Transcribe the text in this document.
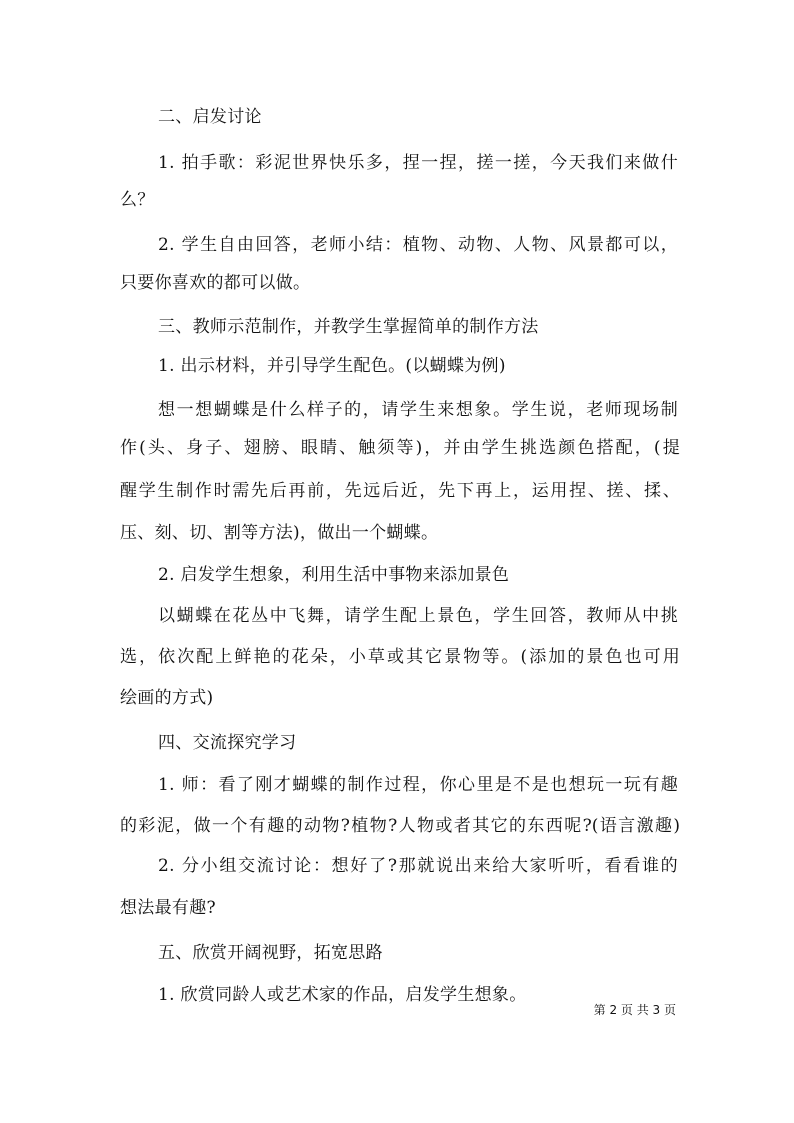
二、启发讨论
1. 拍手歌：彩泥世界快乐多，捏一捏，搓一搓，今天我们来做什
么？
2. 学生自由回答，老师小结：植物、动物、人物、风景都可以，
只要你喜欢的都可以做。
三、教师示范制作，并教学生掌握简单的制作方法
1. 出示材料，并引导学生配色。(以蝴蝶为例)
想一想蝴蝶是什么样子的，请学生来想象。学生说，老师现场制
作(头、身子、翅膀、眼睛、触须等)，并由学生挑选颜色搭配，(提
醒学生制作时需先后再前，先远后近，先下再上，运用捏、搓、揉、
压、刻、切、割等方法)，做出一个蝴蝶。
2. 启发学生想象，利用生活中事物来添加景色
以蝴蝶在花丛中飞舞，请学生配上景色，学生回答，教师从中挑
选，依次配上鲜艳的花朵，小草或其它景物等。(添加的景色也可用
绘画的方式)
四、交流探究学习
1. 师：看了刚才蝴蝶的制作过程，你心里是不是也想玩一玩有趣
的彩泥，做一个有趣的动物?植物?人物或者其它的东西呢?(语言激趣)
2. 分小组交流讨论：想好了?那就说出来给大家听听，看看谁的
想法最有趣?
五、欣赏开阔视野，拓宽思路
1. 欣赏同龄人或艺术家的作品，启发学生想象。
第 2 页 共 3 页
